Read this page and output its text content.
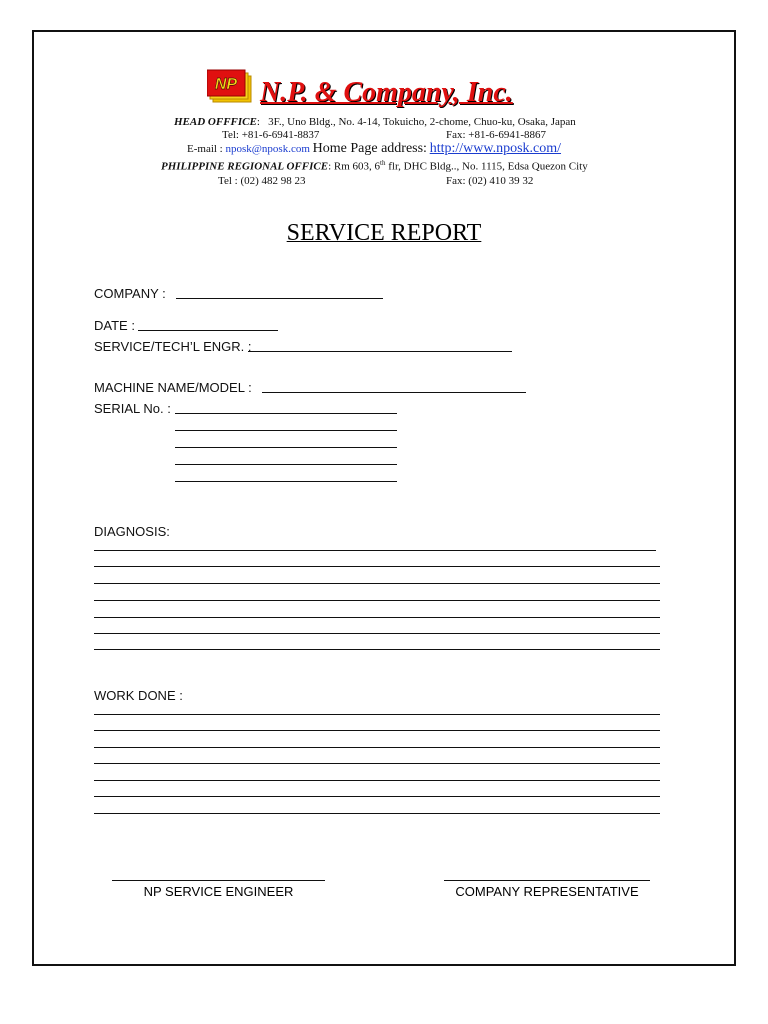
NP N.P. & Company, Inc.
HEAD OFFFICE:   3F., Uno Bldg., No. 4-14, Tokuicho, 2-chome, Chuo-ku, Osaka, Japan
Tel: +81-6-6941-8837	Fax: +81-6-6941-8867
E-mail : nposk@nposk.com Home Page address: http://www.nposk.com/
PHILIPPINE REGIONAL OFFICE: Rm 603, 6th flr, DHC Bldg.., No. 1115, Edsa Quezon City
Tel : (02) 482 98 23	Fax: (02) 410 39 32
SERVICE REPORT
COMPANY :
DATE :
SERVICE/TECH’L ENGR. :
MACHINE NAME/MODEL :
SERIAL No. :
DIAGNOSIS:
WORK DONE :
NP SERVICE ENGINEER	COMPANY REPRESENTATIVE
